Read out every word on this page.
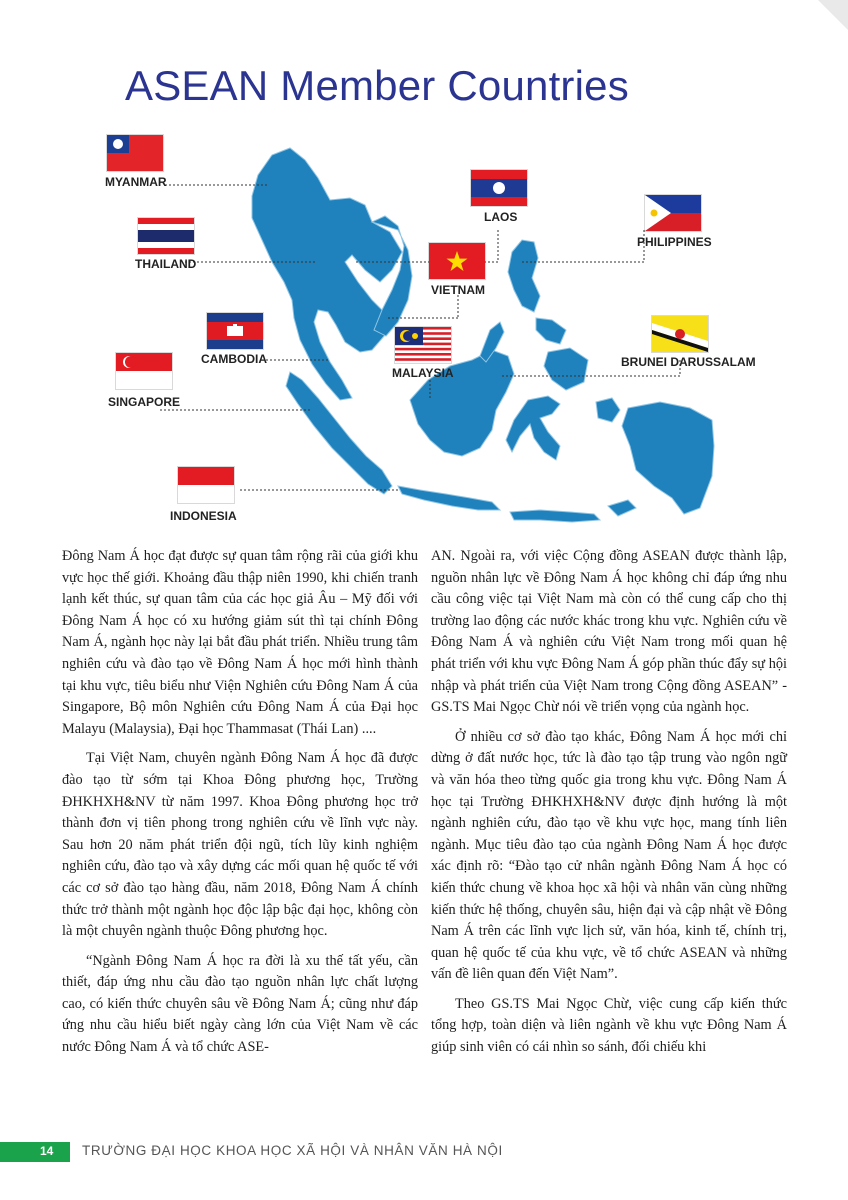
ASEAN Member Countries
MYANMAR
THAILAND
CAMBODIA
SINGAPORE
INDONESIA
LAOS
VIETNAM
MALAYSIA
PHILIPPINES
BRUNEI DARUSSALAM

Đông Nam Á học đạt được sự quan tâm rộng rãi của giới khu vực học thế giới. Khoảng đầu thập niên 1990, khi chiến tranh lạnh kết thúc, sự quan tâm của các học giả Âu – Mỹ đối với Đông Nam Á học có xu hướng giảm sút thì tại chính Đông Nam Á, ngành học này lại bắt đầu phát triển. Nhiều trung tâm nghiên cứu và đào tạo về Đông Nam Á học mới hình thành tại khu vực, tiêu biểu như Viện Nghiên cứu Đông Nam Á của Singapore, Bộ môn Nghiên cứu Đông Nam Á của Đại học Malayu (Malaysia), Đại học Thammasat (Thái Lan) ....

Tại Việt Nam, chuyên ngành Đông Nam Á học đã được đào tạo từ sớm tại Khoa Đông phương học, Trường ĐHKHXH&NV từ năm 1997. Khoa Đông phương học trở thành đơn vị tiên phong trong nghiên cứu về lĩnh vực này. Sau hơn 20 năm phát triển đội ngũ, tích lũy kinh nghiệm nghiên cứu, đào tạo và xây dựng các mối quan hệ quốc tế với các cơ sở đào tạo hàng đầu, năm 2018, Đông Nam Á chính thức trở thành một ngành học độc lập bậc đại học, không còn là một chuyên ngành thuộc Đông phương học.

“Ngành Đông Nam Á học ra đời là xu thế tất yếu, cần thiết, đáp ứng nhu cầu đào tạo nguồn nhân lực chất lượng cao, có kiến thức chuyên sâu về Đông Nam Á; cũng như đáp ứng nhu cầu hiểu biết ngày càng lớn của Việt Nam về các nước Đông Nam Á và tổ chức ASE-

AN. Ngoài ra, với việc Cộng đồng ASEAN được thành lập, nguồn nhân lực về Đông Nam Á học không chỉ đáp ứng nhu cầu công việc tại Việt Nam mà còn có thể cung cấp cho thị trường lao động các nước khác trong khu vực. Nghiên cứu về Đông Nam Á và nghiên cứu Việt Nam trong mối quan hệ phát triển với khu vực Đông Nam Á góp phần thúc đẩy sự hội nhập và phát triển của Việt Nam trong Cộng đồng ASEAN” - GS.TS Mai Ngọc Chừ nói về triển vọng của ngành học.

Ở nhiều cơ sở đào tạo khác, Đông Nam Á học mới chỉ dừng ở đất nước học, tức là đào tạo tập trung vào ngôn ngữ và văn hóa theo từng quốc gia trong khu vực. Đông Nam Á học tại Trường ĐHKHXH&NV được định hướng là một ngành nghiên cứu, đào tạo về khu vực học, mang tính liên ngành. Mục tiêu đào tạo của ngành Đông Nam Á học được xác định rõ: “Đào tạo cử nhân ngành Đông Nam Á học có kiến thức chung về khoa học xã hội và nhân văn cùng những kiến thức hệ thống, chuyên sâu, hiện đại và cập nhật về Đông Nam Á trên các lĩnh vực lịch sử, văn hóa, kinh tế, chính trị, quan hệ quốc tế của khu vực, về tổ chức ASEAN và những vấn đề liên quan đến Việt Nam”.

Theo GS.TS Mai Ngọc Chừ, việc cung cấp kiến thức tổng hợp, toàn diện và liên ngành về khu vực Đông Nam Á giúp sinh viên có cái nhìn so sánh, đối chiếu khi

14 TRƯỜNG ĐẠI HỌC KHOA HỌC XÃ HỘI VÀ NHÂN VĂN HÀ NỘI
